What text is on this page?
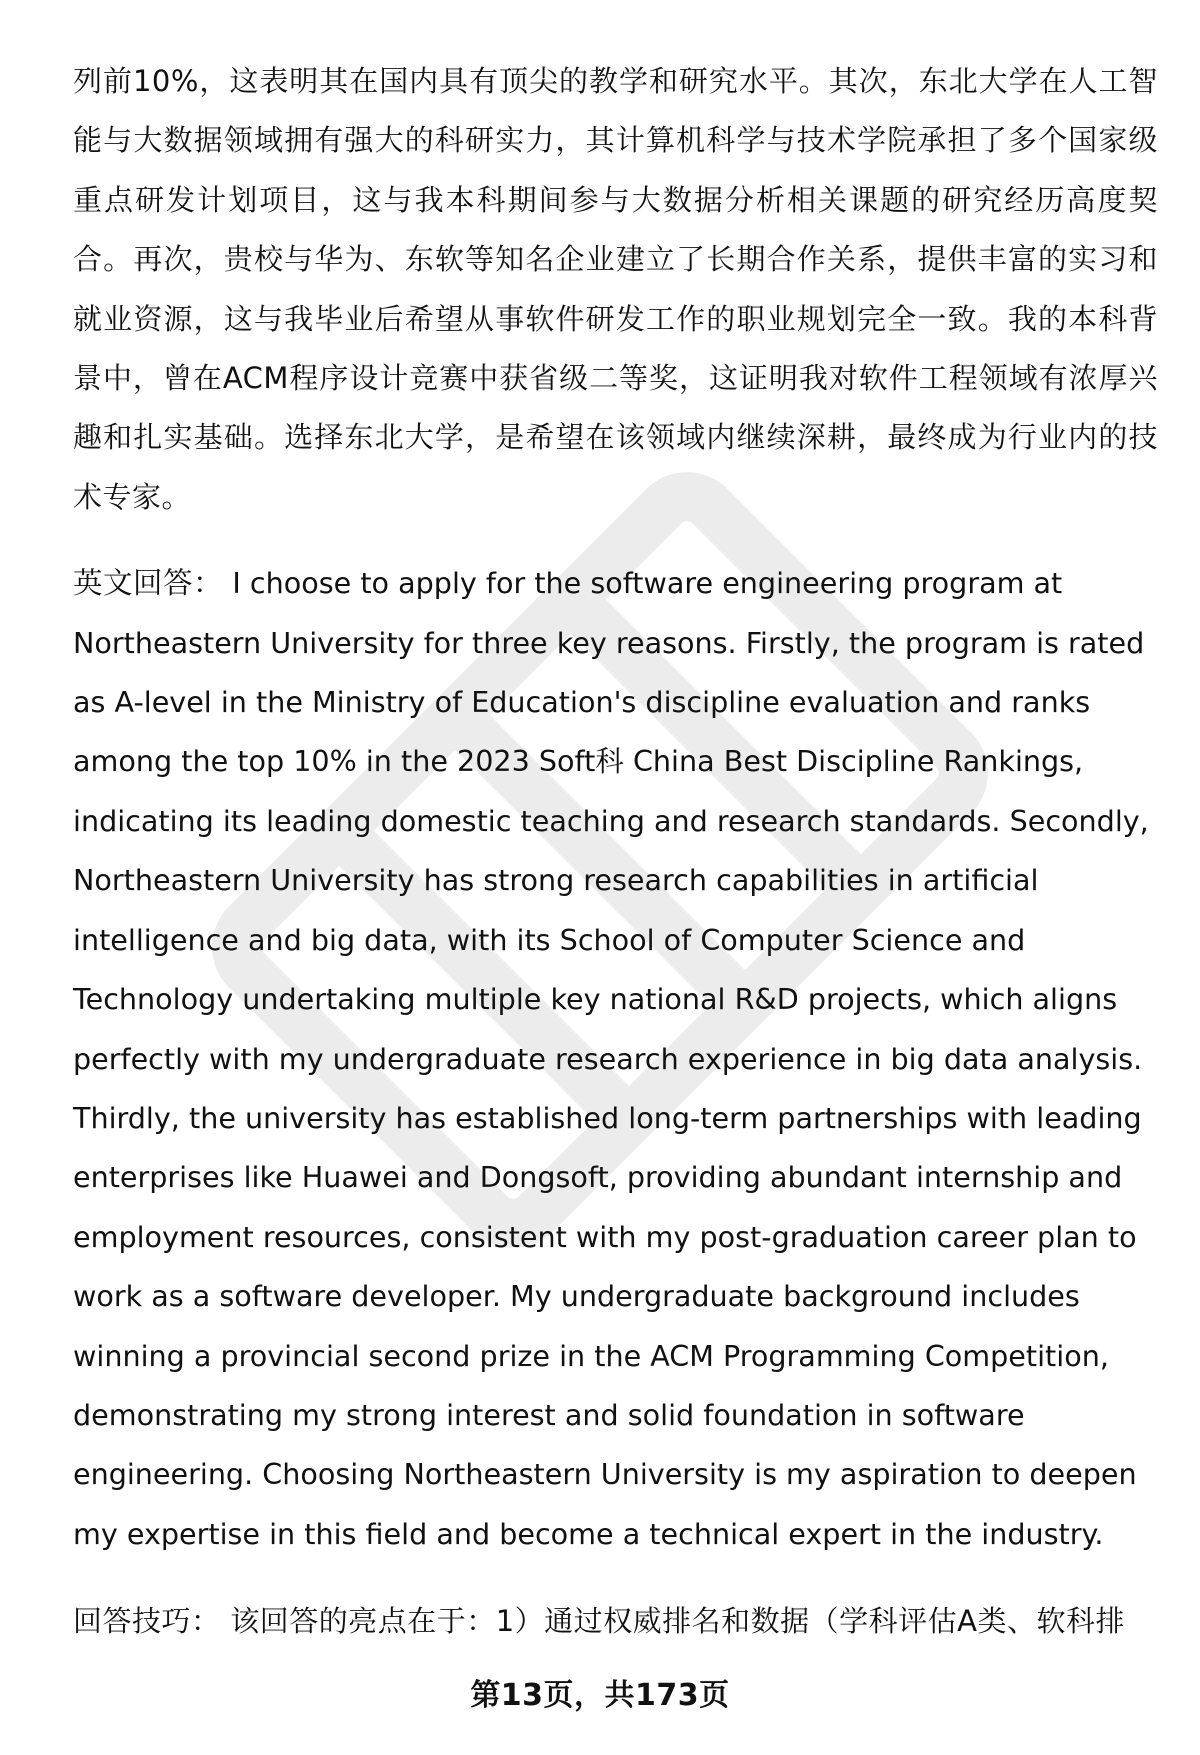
列前10%，这表明其在国内具有顶尖的教学和研究水平。其次，东北大学在人工智能与大数据领域拥有强大的科研实力，其计算机科学与技术学院承担了多个国家级重点研发计划项目，这与我本科期间参与大数据分析相关课题的研究经历高度契合。再次，贵校与华为、东软等知名企业建立了长期合作关系，提供丰富的实习和就业资源，这与我毕业后希望从事软件研发工作的职业规划完全一致。我的本科背景中，曾在ACM程序设计竞赛中获省级二等奖，这证明我对软件工程领域有浓厚兴趣和扎实基础。选择东北大学，是希望在该领域内继续深耕，最终成为行业内的技术专家。

英文回答： I choose to apply for the software engineering program at Northeastern University for three key reasons. Firstly, the program is rated as A-level in the Ministry of Education's discipline evaluation and ranks among the top 10% in the 2023 Soft科 China Best Discipline Rankings, indicating its leading domestic teaching and research standards. Secondly, Northeastern University has strong research capabilities in artificial intelligence and big data, with its School of Computer Science and Technology undertaking multiple key national R&D projects, which aligns perfectly with my undergraduate research experience in big data analysis. Thirdly, the university has established long-term partnerships with leading enterprises like Huawei and Dongsoft, providing abundant internship and employment resources, consistent with my post-graduation career plan to work as a software developer. My undergraduate background includes winning a provincial second prize in the ACM Programming Competition, demonstrating my strong interest and solid foundation in software engineering. Choosing Northeastern University is my aspiration to deepen my expertise in this field and become a technical expert in the industry.

回答技巧： 该回答的亮点在于：1）通过权威排名和数据（学科评估A类、软科排

第13页，共173页
